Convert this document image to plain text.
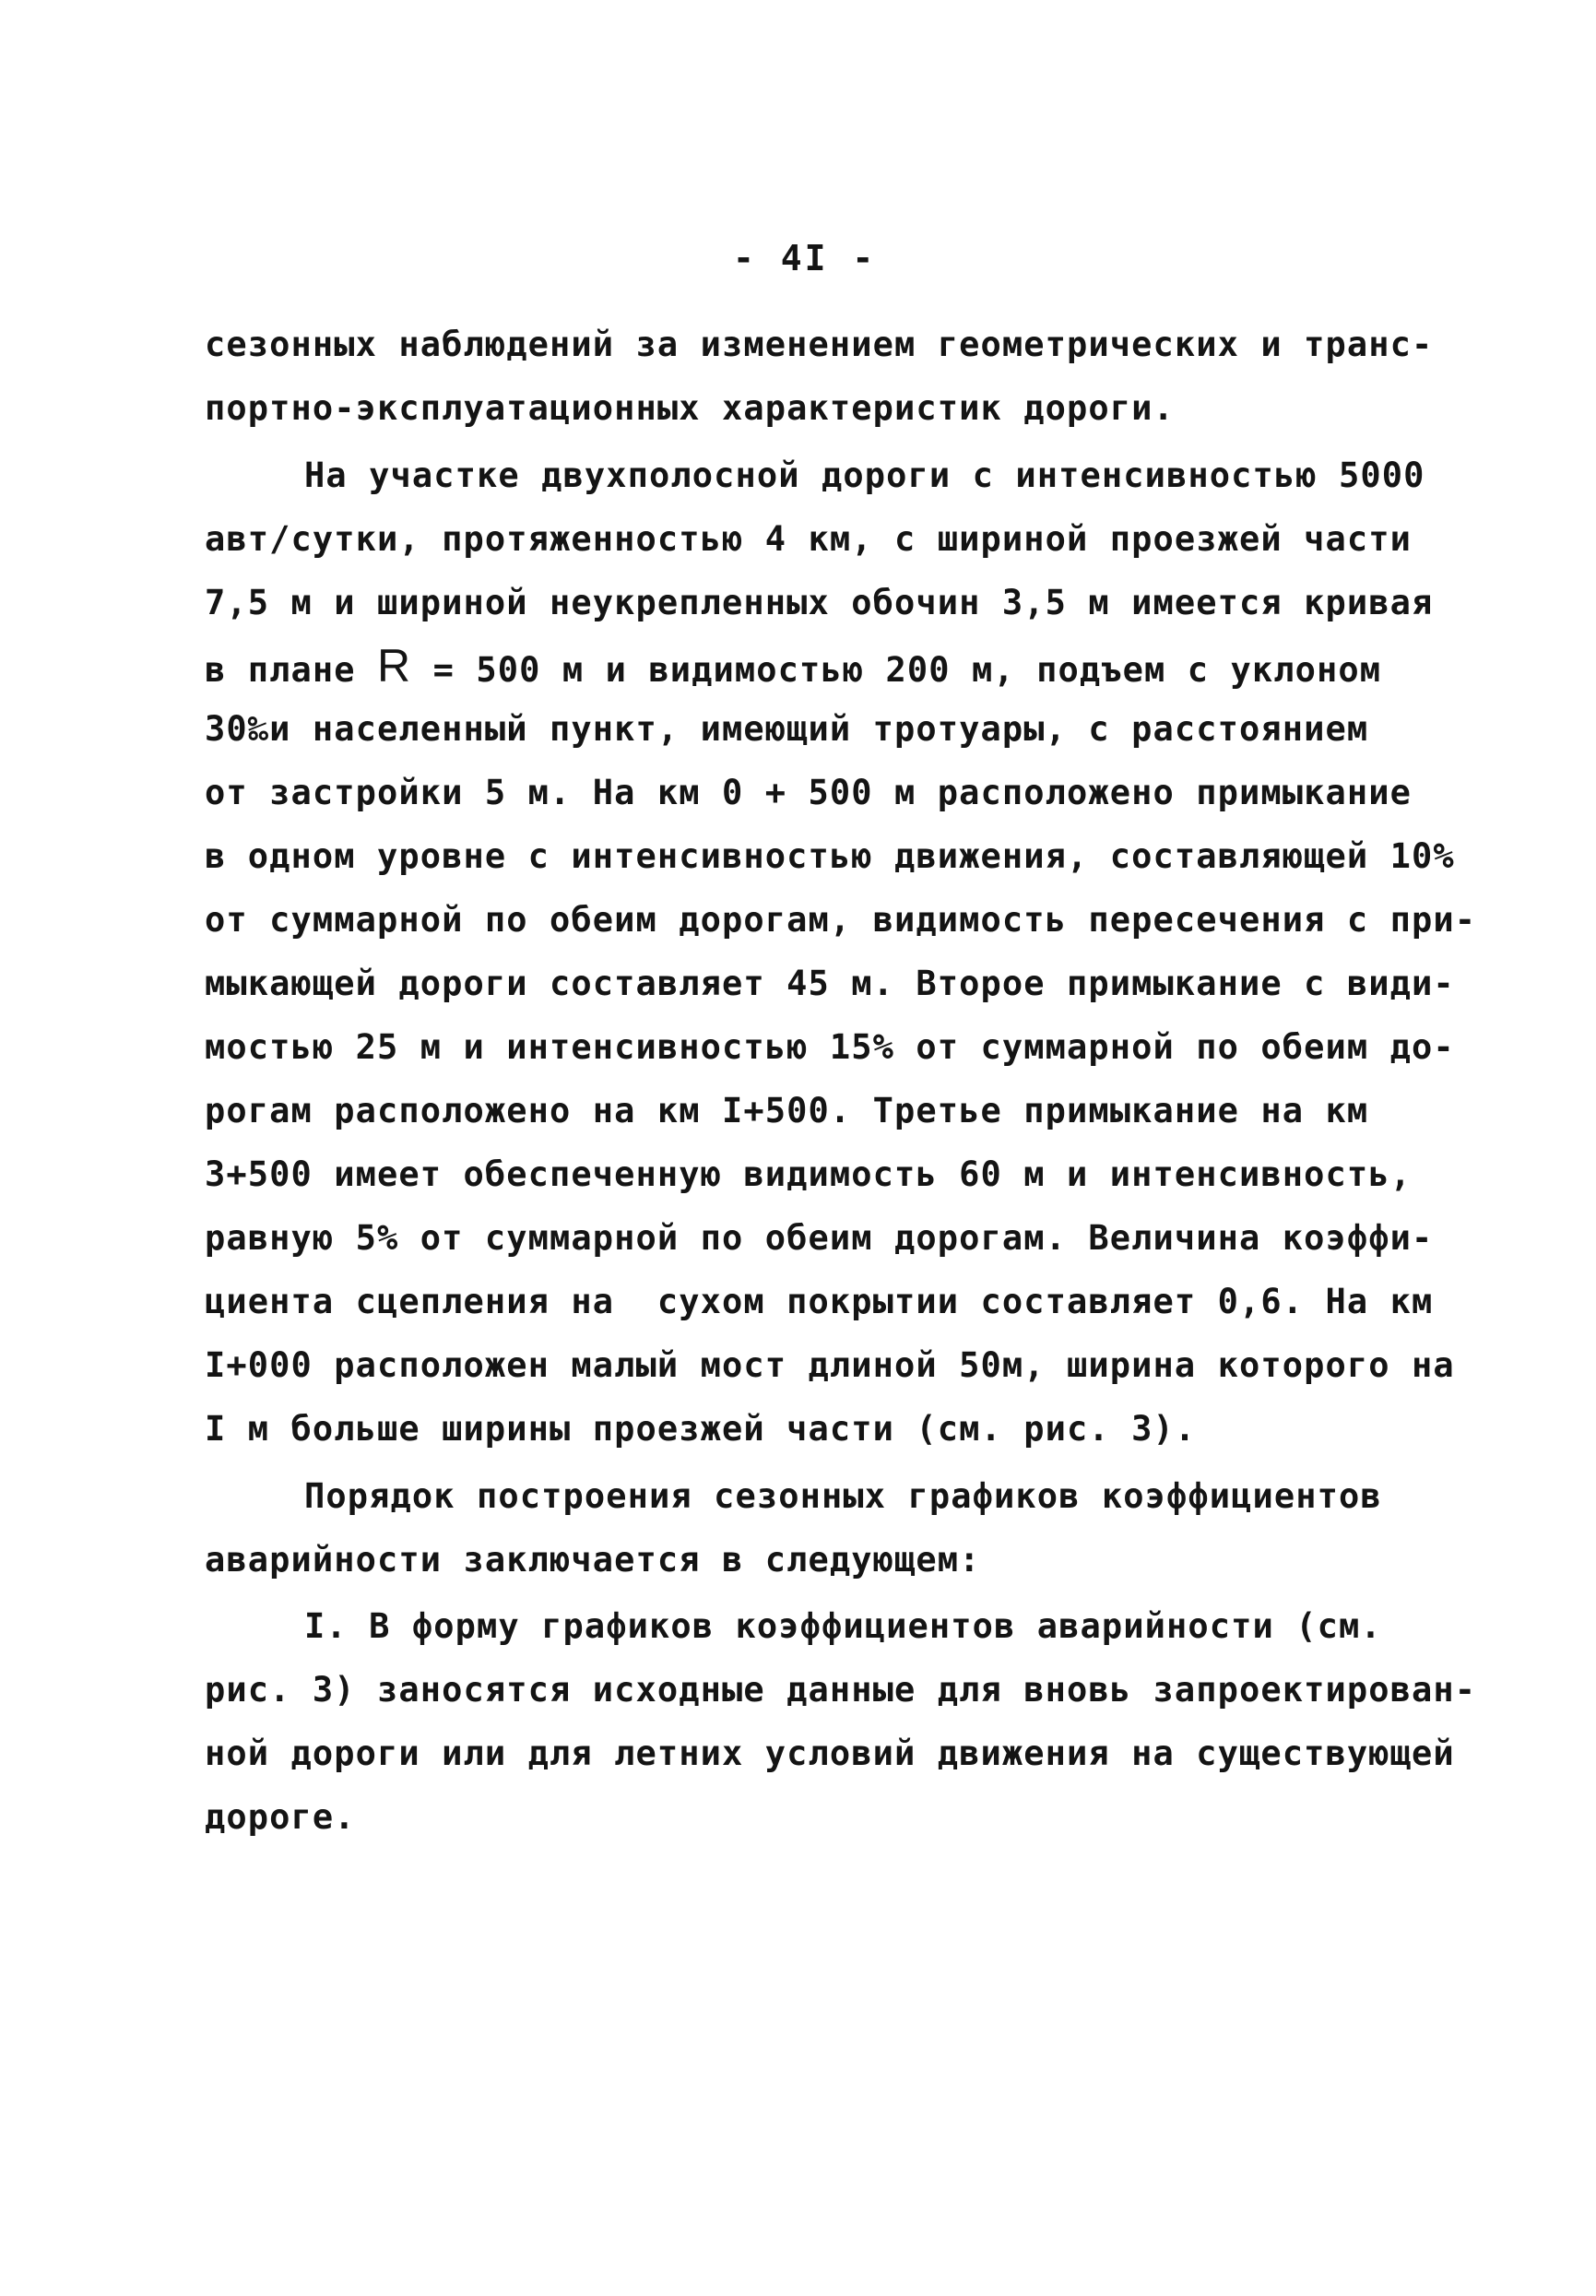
- 4I -
сезонных наблюдений за изменением геометрических и транс-
портно-эксплуатационных характеристик дороги.
На участке двухполосной дороги с интенсивностью 5000
авт/сутки, протяженностью 4 км, с шириной проезжей части
7,5 м и шириной неукрепленных обочин 3,5 м имеется кривая
в плане R = 500 м и видимостью 200 м, подъем с уклоном
30‰и населенный пункт, имеющий тротуары, с расстоянием
от застройки 5 м. На км 0 + 500 м расположено примыкание
в одном уровне с интенсивностью движения, составляющей 10%
от суммарной по обеим дорогам, видимость пересечения с при-
мыкающей дороги составляет 45 м. Второе примыкание с види-
мостью 25 м и интенсивностью 15% от суммарной по обеим до-
рогам расположено на км I+500. Третье примыкание на км
3+500 имеет обеспеченную видимость 60 м и интенсивность,
равную 5% от суммарной по обеим дорогам. Величина коэффи-
циента сцепления на  сухом покрытии составляет 0,6. На км
I+000 расположен малый мост длиной 50м, ширина которого на
I м больше ширины проезжей части (см. рис. 3).
Порядок построения сезонных графиков коэффициентов
аварийности заключается в следующем:
I. В форму графиков коэффициентов аварийности (см.
рис. 3) заносятся исходные данные для вновь запроектирован-
ной дороги или для летних условий движения на существующей
дороге.
